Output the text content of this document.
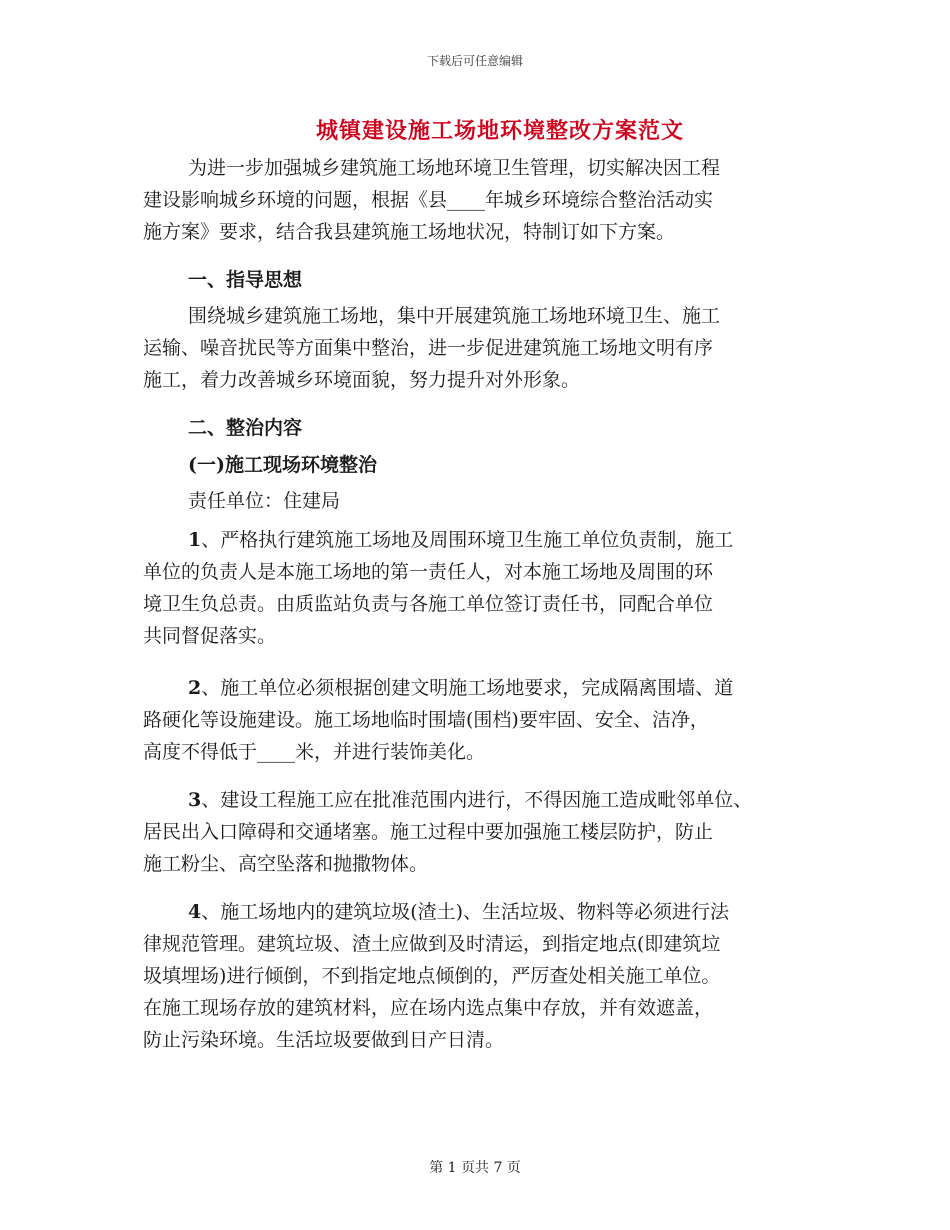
下载后可任意编辑
城镇建设施工场地环境整改方案范文
为进一步加强城乡建筑施工场地环境卫生管理，切实解决因工程
建设影响城乡环境的问题，根据《县____年城乡环境综合整治活动实
施方案》要求，结合我县建筑施工场地状况，特制订如下方案。
一、指导思想
围绕城乡建筑施工场地，集中开展建筑施工场地环境卫生、施工
运输、噪音扰民等方面集中整治，进一步促进建筑施工场地文明有序
施工，着力改善城乡环境面貌，努力提升对外形象。
二、整治内容
(一)施工现场环境整治
责任单位：住建局
1、严格执行建筑施工场地及周围环境卫生施工单位负责制，施工
单位的负责人是本施工场地的第一责任人，对本施工场地及周围的环
境卫生负总责。由质监站负责与各施工单位签订责任书，同配合单位
共同督促落实。
2、施工单位必须根据创建文明施工场地要求，完成隔离围墙、道
路硬化等设施建设。施工场地临时围墙(围档)要牢固、安全、洁净，
高度不得低于____米，并进行装饰美化。
3、建设工程施工应在批准范围内进行，不得因施工造成毗邻单位、
居民出入口障碍和交通堵塞。施工过程中要加强施工楼层防护，防止
施工粉尘、高空坠落和抛撒物体。
4、施工场地内的建筑垃圾(渣土)、生活垃圾、物料等必须进行法
律规范管理。建筑垃圾、渣土应做到及时清运，到指定地点(即建筑垃
圾填埋场)进行倾倒，不到指定地点倾倒的，严厉查处相关施工单位。
在施工现场存放的建筑材料，应在场内选点集中存放，并有效遮盖，
防止污染环境。生活垃圾要做到日产日清。
第 1 页共 7 页
